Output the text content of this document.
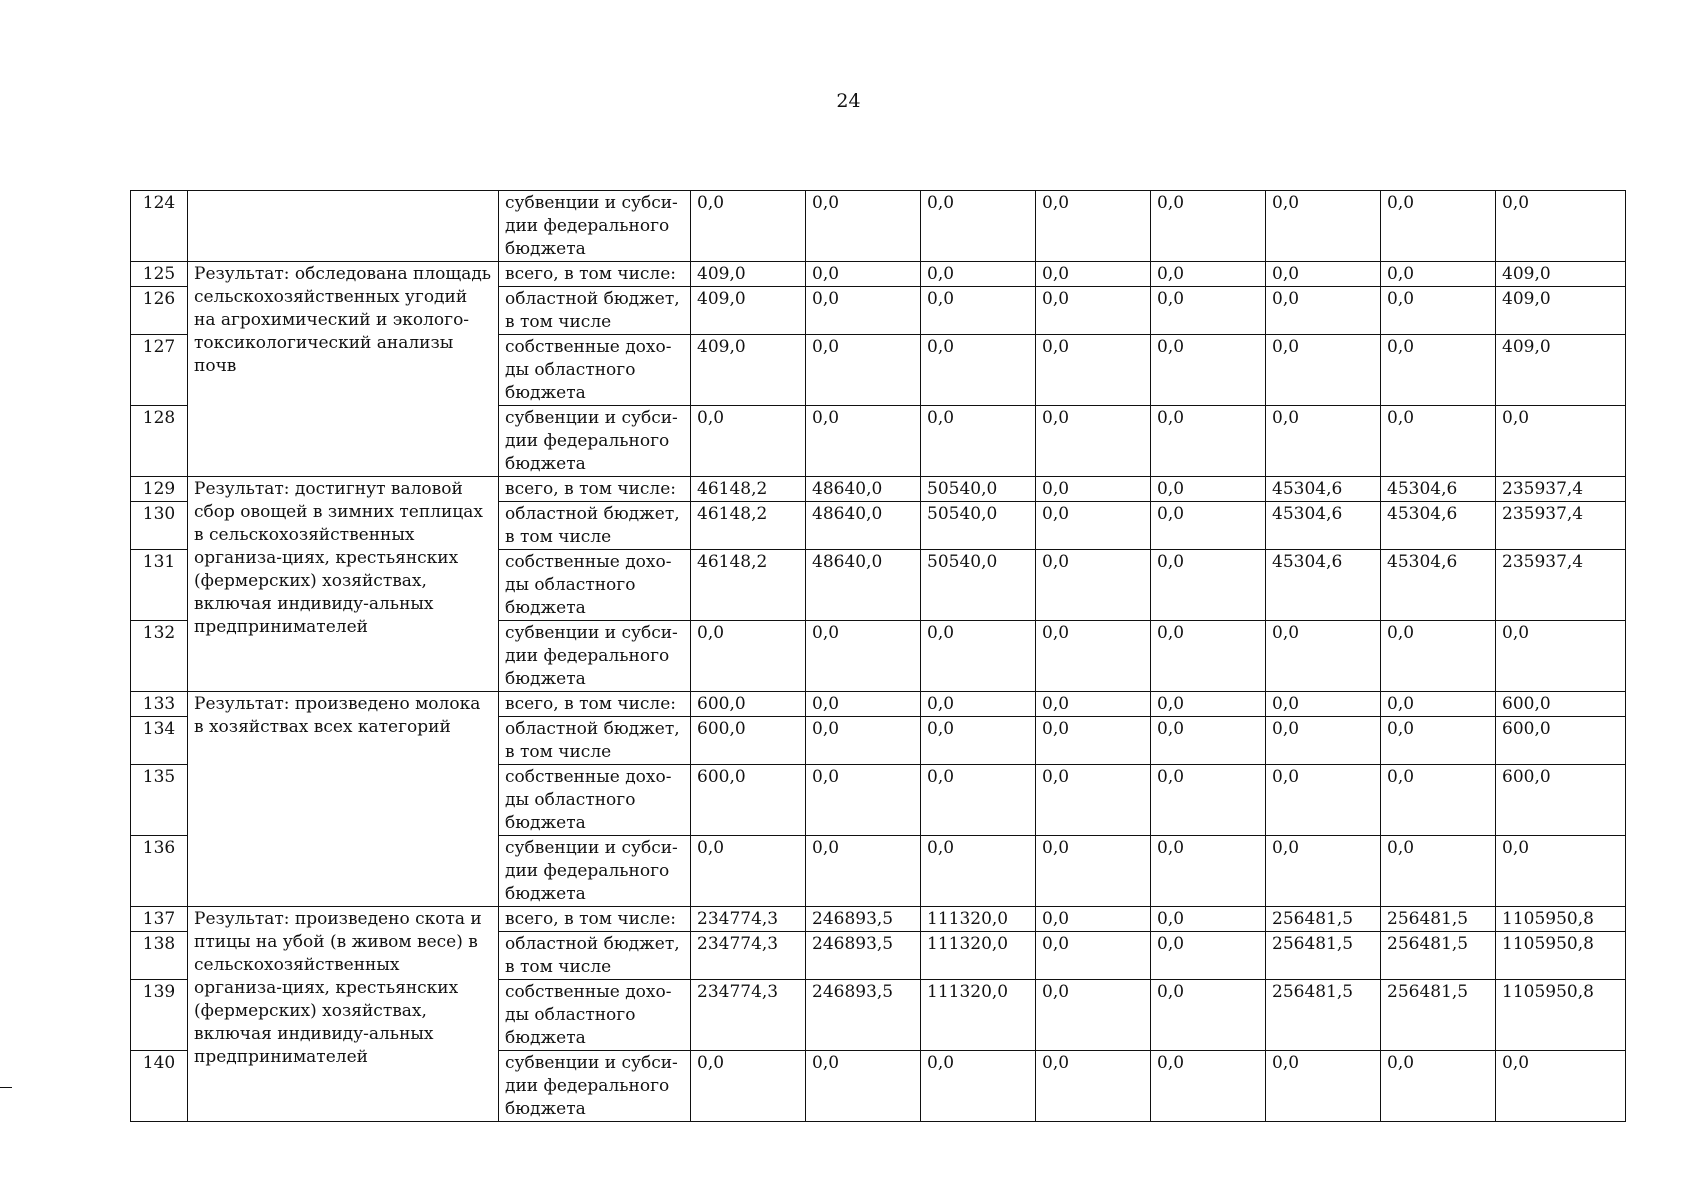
24
124		субвенции и субси-дии федерального бюджета	0,0	0,0	0,0	0,0	0,0	0,0	0,0	0,0
125	Результат: обследована площадь сельскохозяйственных угодий на агрохимический и эколого-токсикологический анализы почв	всего, в том числе:	409,0	0,0	0,0	0,0	0,0	0,0	0,0	409,0
126		областной бюджет, в том числе	409,0	0,0	0,0	0,0	0,0	0,0	0,0	409,0
127		собственные дохо-ды областного бюджета	409,0	0,0	0,0	0,0	0,0	0,0	0,0	409,0
128		субвенции и субси-дии федерального бюджета	0,0	0,0	0,0	0,0	0,0	0,0	0,0	0,0
129	Результат: достигнут валовой сбор овощей в зимних теплицах в сельскохозяйственных организа-циях, крестьянских (фермерских) хозяйствах, включая индивиду-альных предпринимателей	всего, в том числе:	46148,2	48640,0	50540,0	0,0	0,0	45304,6	45304,6	235937,4
130		областной бюджет, в том числе	46148,2	48640,0	50540,0	0,0	0,0	45304,6	45304,6	235937,4
131		собственные дохо-ды областного бюджета	46148,2	48640,0	50540,0	0,0	0,0	45304,6	45304,6	235937,4
132		субвенции и субси-дии федерального бюджета	0,0	0,0	0,0	0,0	0,0	0,0	0,0	0,0
133	Результат: произведено молока в хозяйствах всех категорий	всего, в том числе:	600,0	0,0	0,0	0,0	0,0	0,0	0,0	600,0
134		областной бюджет, в том числе	600,0	0,0	0,0	0,0	0,0	0,0	0,0	600,0
135		собственные дохо-ды областного бюджета	600,0	0,0	0,0	0,0	0,0	0,0	0,0	600,0
136		субвенции и субси-дии федерального бюджета	0,0	0,0	0,0	0,0	0,0	0,0	0,0	0,0
137	Результат: произведено скота и птицы на убой (в живом весе) в сельскохозяйственных организа-циях, крестьянских (фермерских) хозяйствах, включая индивиду-альных предпринимателей	всего, в том числе:	234774,3	246893,5	111320,0	0,0	0,0	256481,5	256481,5	1105950,8
138		областной бюджет, в том числе	234774,3	246893,5	111320,0	0,0	0,0	256481,5	256481,5	1105950,8
139		собственные дохо-ды областного бюджета	234774,3	246893,5	111320,0	0,0	0,0	256481,5	256481,5	1105950,8
140		субвенции и субси-дии федерального бюджета	0,0	0,0	0,0	0,0	0,0	0,0	0,0	0,0
